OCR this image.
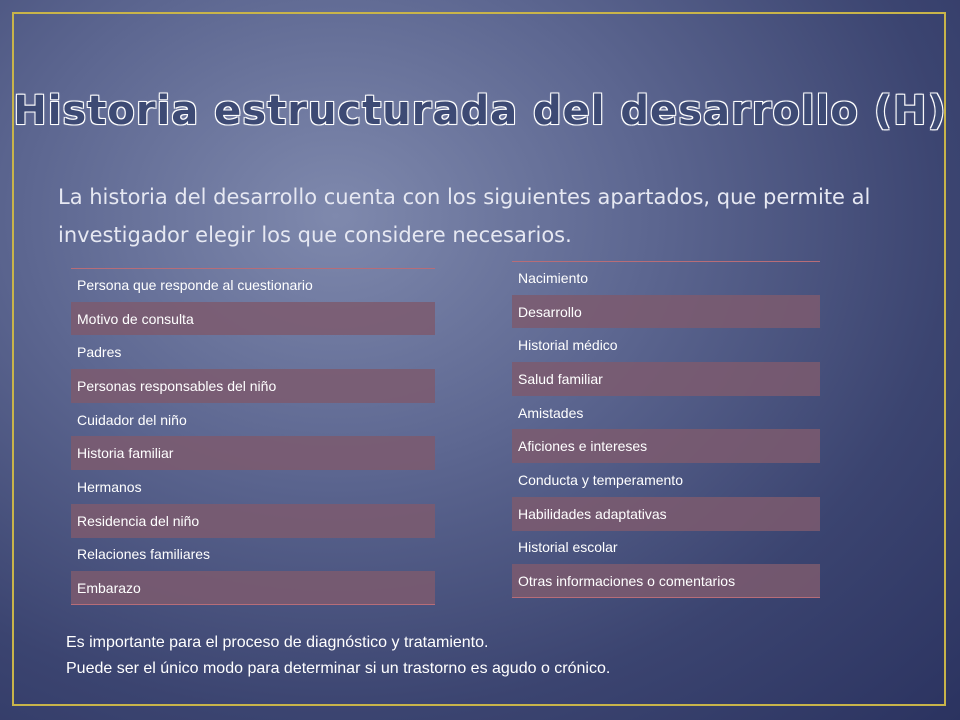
Historia estructurada del desarrollo (H)

La historia del desarrollo cuenta con los siguientes apartados, que permite al investigador elegir los que considere necesarios.

Persona que responde al cuestionario
Motivo de consulta
Padres
Personas responsables del niño
Cuidador del niño
Historia familiar
Hermanos
Residencia del niño
Relaciones familiares
Embarazo
Nacimiento
Desarrollo
Historial médico
Salud familiar
Amistades
Aficiones e intereses
Conducta y temperamento
Habilidades adaptativas
Historial escolar
Otras informaciones o comentarios

Es importante para el proceso de diagnóstico y tratamiento.

Puede ser el único modo para determinar si un trastorno es agudo o crónico.
